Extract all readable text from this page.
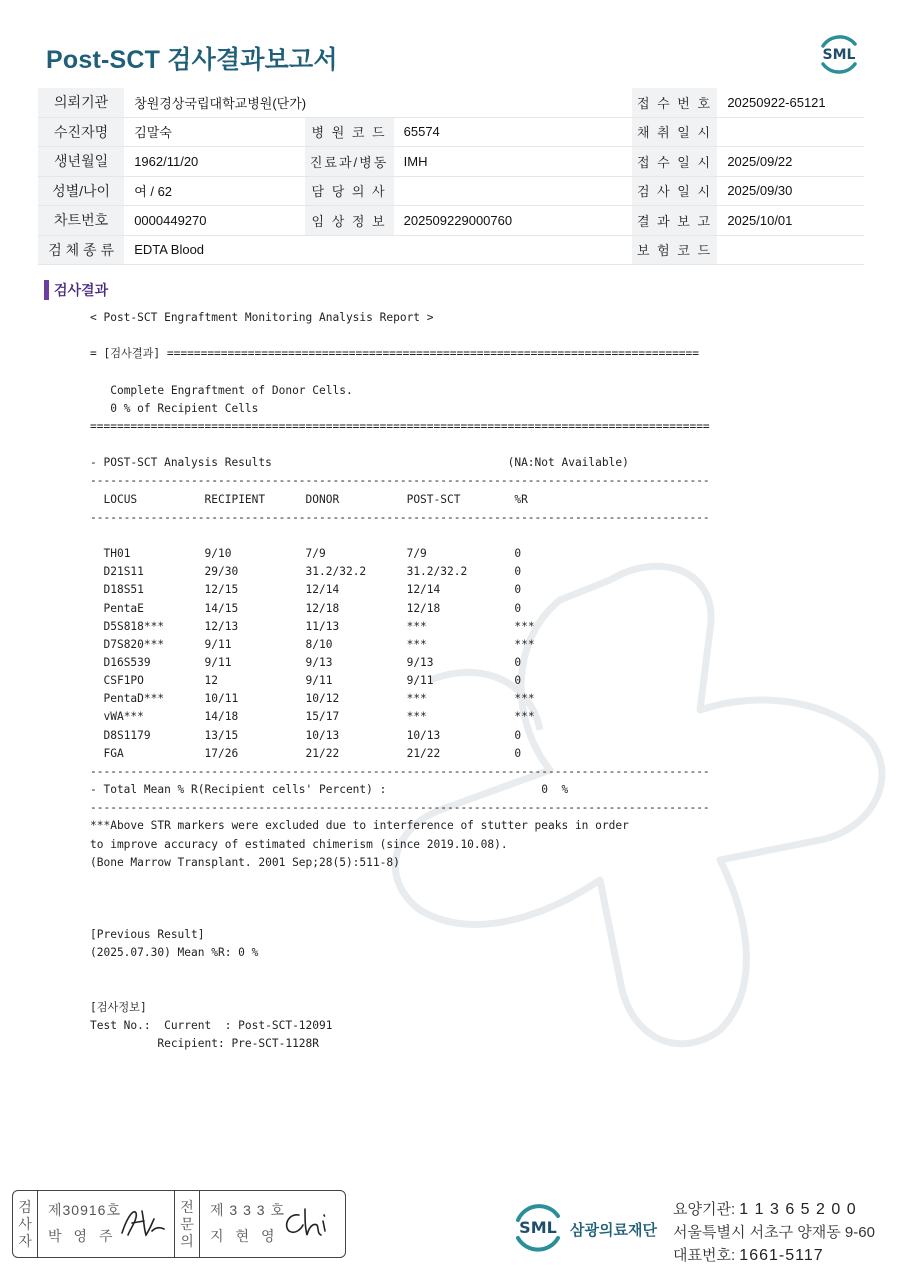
Post-SCT 검사결과보고서	SML
의뢰기관	창원경상국립대학교병원(단가)			접 수 번 호	20250922-65121
수진자명	김말숙	병 원 코 드	65574	채 취 일 시	
생년월일	1962/11/20	진료과/병동	IMH	접 수 일 시	2025/09/22
성별/나이	여 / 62	담 당 의 사		검 사 일 시	2025/09/30
차트번호	0000449270	임 상 정 보	202509229000760	결 과 보 고	2025/10/01
검 체 종 류	EDTA Blood			보 험 코 드	
검사결과
< Post-SCT Engraftment Monitoring Analysis Report >

= [검사결과] ===============================================================================

Complete Engraftment of Donor Cells.
0 % of Recipient Cells
============================================================================================

- POST-SCT Analysis Results	(NA:Not Available)
--------------------------------------------------------------------------------------------
LOCUS	RECIPIENT	DONOR	POST-SCT	%R
--------------------------------------------------------------------------------------------

TH01	9/10	7/9	7/9	0
D21S11	29/30	31.2/32.2	31.2/32.2	0
D18S51	12/15	12/14	12/14	0
PentaE	14/15	12/18	12/18	0
D5S818***	12/13	11/13	***	***
D7S820***	9/11	8/10	***	***
D16S539	9/11	9/13	9/13	0
CSF1PO	12	9/11	9/11	0
PentaD***	10/11	10/12	***	***
vWA***	14/18	15/17	***	***
D8S1179	13/15	10/13	10/13	0
FGA	17/26	21/22	21/22	0
--------------------------------------------------------------------------------------------
- Total Mean % R(Recipient cells' Percent) :	0  %
--------------------------------------------------------------------------------------------
***Above STR markers were excluded due to interference of stutter peaks in order
to improve accuracy of estimated chimerism (since 2019.10.08).
(Bone Marrow Transplant. 2001 Sep;28(5):511-8)

[Previous Result]
(2025.07.30) Mean %R: 0 %

[검사정보]
Test No.:  Current  : Post-SCT-12091
Recipient: Pre-SCT-1128R
검
사
자
제30916호
박영주
전
문
의
제 3 3 3 호
지현영	SML 삼광의료재단
요양기관: 1 1 3 6 5 2 0 0
서울특별시 서초구 양재동 9-60
대표번호: 1661-5117
